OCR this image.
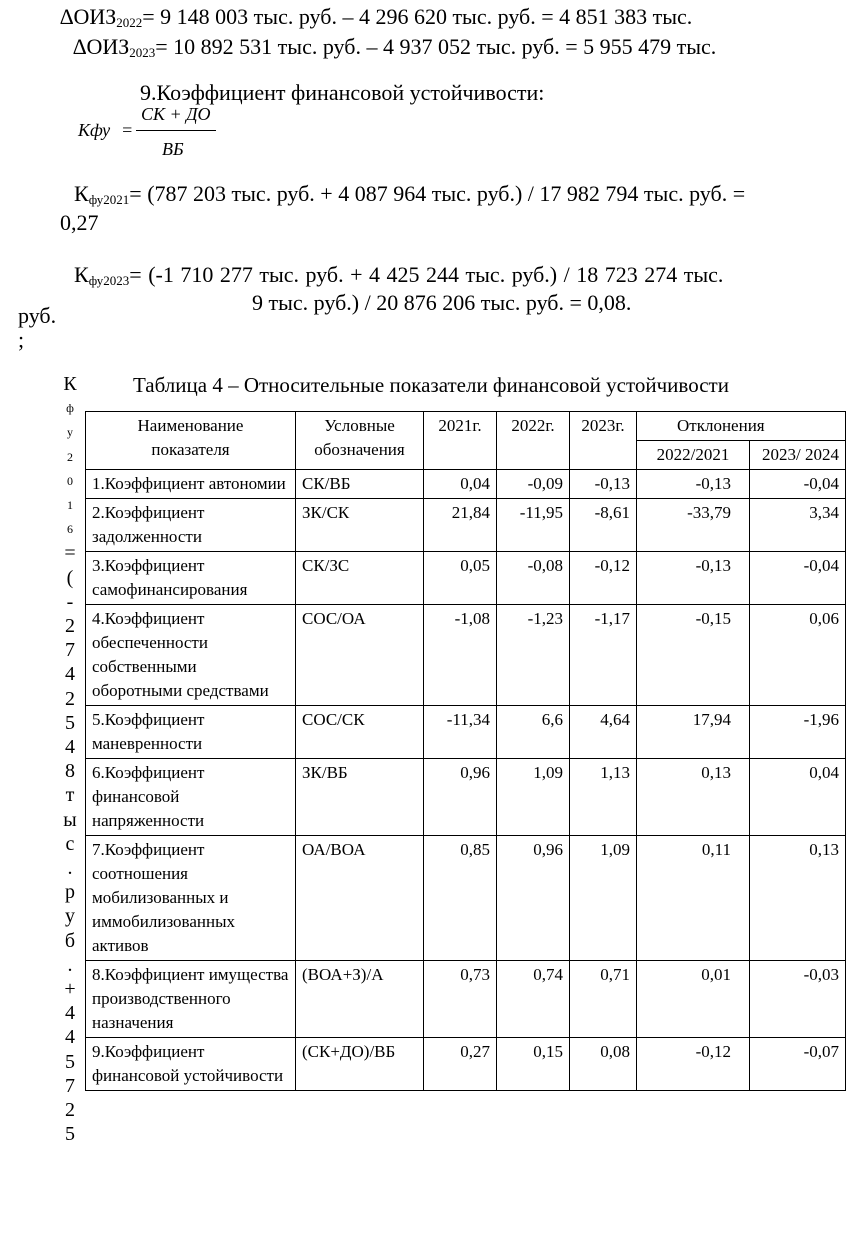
$\Delta ОИЗ_{2022}= 9$ 148 003 тыс. руб. – 4 296 620 тыс. руб. = 4 851 383 тыс.
$\Delta ОИЗ_{2023}= 10$ 892 531 тыс. руб. – 4 937 052 тыс. руб. = 5 955 479 тыс.
9.Коэффициент финансовой устойчивости:
Кфу =
СК + ДО
ВБ
$К_{фу2021}= (787$ 203 тыс. руб. + 4 087 964 тыс. руб.) / 17 982 794 тыс. руб. =
0,27
$К_{фу2023}= (-1$ 710 277 тыс. руб. + 4 425 244 тыс. руб.) / 18 723 274 тыс.
9 тыс. руб.) / 20 876 206 тыс. руб. = 0,08.
руб.
;
К
ф
у
2
0
1
6
=
(
-
2
7
4
2
5
4
8
т
ы
с
.
р
у
б
.
+
4
4
5
7
2
5
Таблица 4 – Относительные показатели финансовой устойчивости
Наименование показателя	Условные обозначения	2021г.	2022г.	2023г.	Отклонения	
					2022/2021	2023/ 2024
1.Коэффициент автономии	СК/ВБ	0,04	-0,09	-0,13	-0,13	-0,04
2.Коэффициент задолженности	ЗК/СК	21,84	-11,95	-8,61	-33,79	3,34
3.Коэффициент самофинансирования	СК/ЗС	0,05	-0,08	-0,12	-0,13	-0,04
4.Коэффициент обеспеченности собственными оборотными средствами	СОС/ОА	-1,08	-1,23	-1,17	-0,15	0,06
5.Коэффициент маневренности	СОС/СК	-11,34	6,6	4,64	17,94	-1,96
6.Коэффициент финансовой напряженности	ЗК/ВБ	0,96	1,09	1,13	0,13	0,04
7.Коэффициент соотношения мобилизованных и иммобилизованных активов	ОА/ВОА	0,85	0,96	1,09	0,11	0,13
8.Коэффициент имущества производственного назначения	(ВОА+З)/А	0,73	0,74	0,71	0,01	-0,03
9.Коэффициент финансовой устойчивости	(СК+ДО)/ВБ	0,27	0,15	0,08	-0,12	-0,07
